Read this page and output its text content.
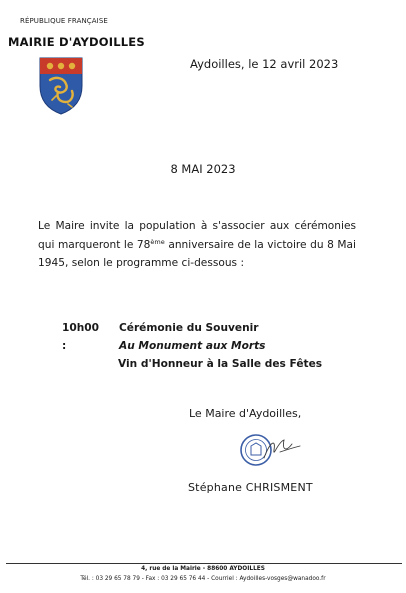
RÉPUBLIQUE FRANÇAISE
MAIRIE D'AYDOILLES
Aydoilles, le 12 avril 2023
8 MAI 2023
Le Maire invite la population à s'associer aux cérémonies qui marqueront le 78ème anniversaire de la victoire du 8 Mai 1945, selon le programme ci-dessous :
10h00 :
Cérémonie du Souvenir
Au Monument aux Morts
Vin d'Honneur à la Salle des Fêtes
Le Maire d'Aydoilles,
Stéphane CHRISMENT
4, rue de la Mairie - 88600 AYDOILLES
Tél. : 03 29 65 78 79 - Fax : 03 29 65 76 44 - Courriel : Aydoilles-vosges@wanadoo.fr
